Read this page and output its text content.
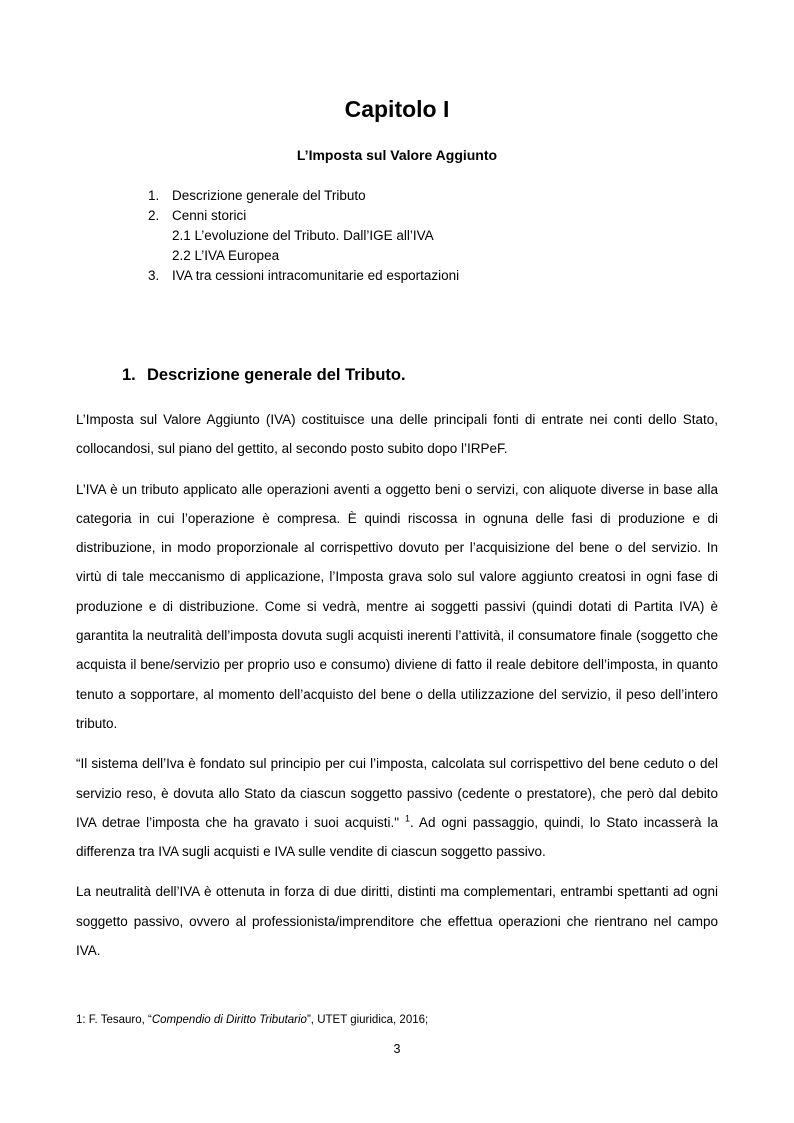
Capitolo I
L’Imposta sul Valore Aggiunto
1. Descrizione generale del Tributo
2. Cenni storici
2.1 L’evoluzione del Tributo. Dall’IGE all’IVA
2.2 L’IVA Europea
3. IVA tra cessioni intracomunitarie ed esportazioni
1. Descrizione generale del Tributo.

L’Imposta sul Valore Aggiunto (IVA) costituisce una delle principali fonti di entrate nei conti dello Stato, collocandosi, sul piano del gettito, al secondo posto subito dopo l’IRPeF.

L’IVA è un tributo applicato alle operazioni aventi a oggetto beni o servizi, con aliquote diverse in base alla categoria in cui l’operazione è compresa. È quindi riscossa in ognuna delle fasi di produzione e di distribuzione, in modo proporzionale al corrispettivo dovuto per l’acquisizione del bene o del servizio. In virtù di tale meccanismo di applicazione, l’Imposta grava solo sul valore aggiunto creatosi in ogni fase di produzione e di distribuzione. Come si vedrà, mentre ai soggetti passivi (quindi dotati di Partita IVA) è garantita la neutralità dell’imposta dovuta sugli acquisti inerenti l’attività, il consumatore finale (soggetto che acquista il bene/servizio per proprio uso e consumo) diviene di fatto il reale debitore dell’imposta, in quanto tenuto a sopportare, al momento dell’acquisto del bene o della utilizzazione del servizio, il peso dell’intero tributo.

“Il sistema dell’Iva è fondato sul principio per cui l’imposta, calcolata sul corrispettivo del bene ceduto o del servizio reso, è dovuta allo Stato da ciascun soggetto passivo (cedente o prestatore), che però dal debito IVA detrae l’imposta che ha gravato i suoi acquisti." $^1$. Ad ogni passaggio, quindi, lo Stato incasserà la differenza tra IVA sugli acquisti e IVA sulle vendite di ciascun soggetto passivo.

La neutralità dell’IVA è ottenuta in forza di due diritti, distinti ma complementari, entrambi spettanti ad ogni soggetto passivo, ovvero al professionista/imprenditore che effettua operazioni che rientrano nel campo IVA.

1: F. Tesauro, “Compendio di Diritto Tributario”, UTET giuridica, 2016;
3
